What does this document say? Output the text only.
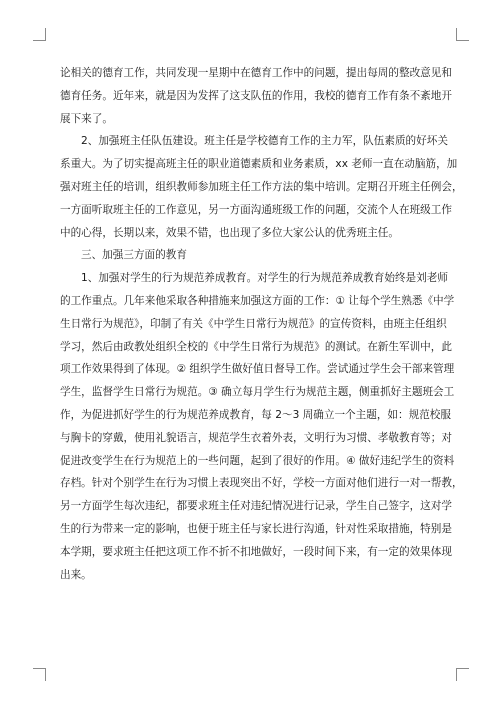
论相关的德育工作，共同发现一星期中在德育工作中的问题，提出每周的整改意见和
德育任务。近年来，就是因为发挥了这支队伍的作用，我校的德育工作有条不紊地开
展下来了。

2、加强班主任队伍建设。班主任是学校德育工作的主力军，队伍素质的好坏关
系重大。为了切实提高班主任的职业道德素质和业务素质，xx 老师一直在动脑筋，加
强对班主任的培训，组织教师参加班主任工作方法的集中培训。定期召开班主任例会，
一方面听取班主任的工作意见，另一方面沟通班级工作的问题，交流个人在班级工作
中的心得，长期以来，效果不错，也出现了多位大家公认的优秀班主任。

三、加强三方面的教育

1、加强对学生的行为规范养成教育。对学生的行为规范养成教育始终是刘老师
的工作重点。几年来他采取各种措施来加强这方面的工作：① 让每个学生熟悉《中学
生日常行为规范》，印制了有关《中学生日常行为规范》的宣传资料，由班主任组织
学习，然后由政教处组织全校的《中学生日常行为规范》的测试。在新生军训中，此
项工作效果得到了体现。② 组织学生做好值日督导工作。尝试通过学生会干部来管理
学生，监督学生日常行为规范。③ 确立每月学生行为规范主题，侧重抓好主题班会工
作，为促进抓好学生的行为规范养成教育，每 2～3 周确立一个主题，如：规范校服
与胸卡的穿戴，使用礼貌语言，规范学生衣着外表，文明行为习惯、孝敬教育等；对
促进改变学生在行为规范上的一些问题，起到了很好的作用。④ 做好违纪学生的资料
存档。针对个别学生在行为习惯上表现突出不好，学校一方面对他们进行一对一帮教，
另一方面学生每次违纪，都要求班主任对违纪情况进行记录，学生自己签字，这对学
生的行为带来一定的影响，也便于班主任与家长进行沟通，针对性采取措施，特别是
本学期，要求班主任把这项工作不折不扣地做好，一段时间下来，有一定的效果体现
出来。
